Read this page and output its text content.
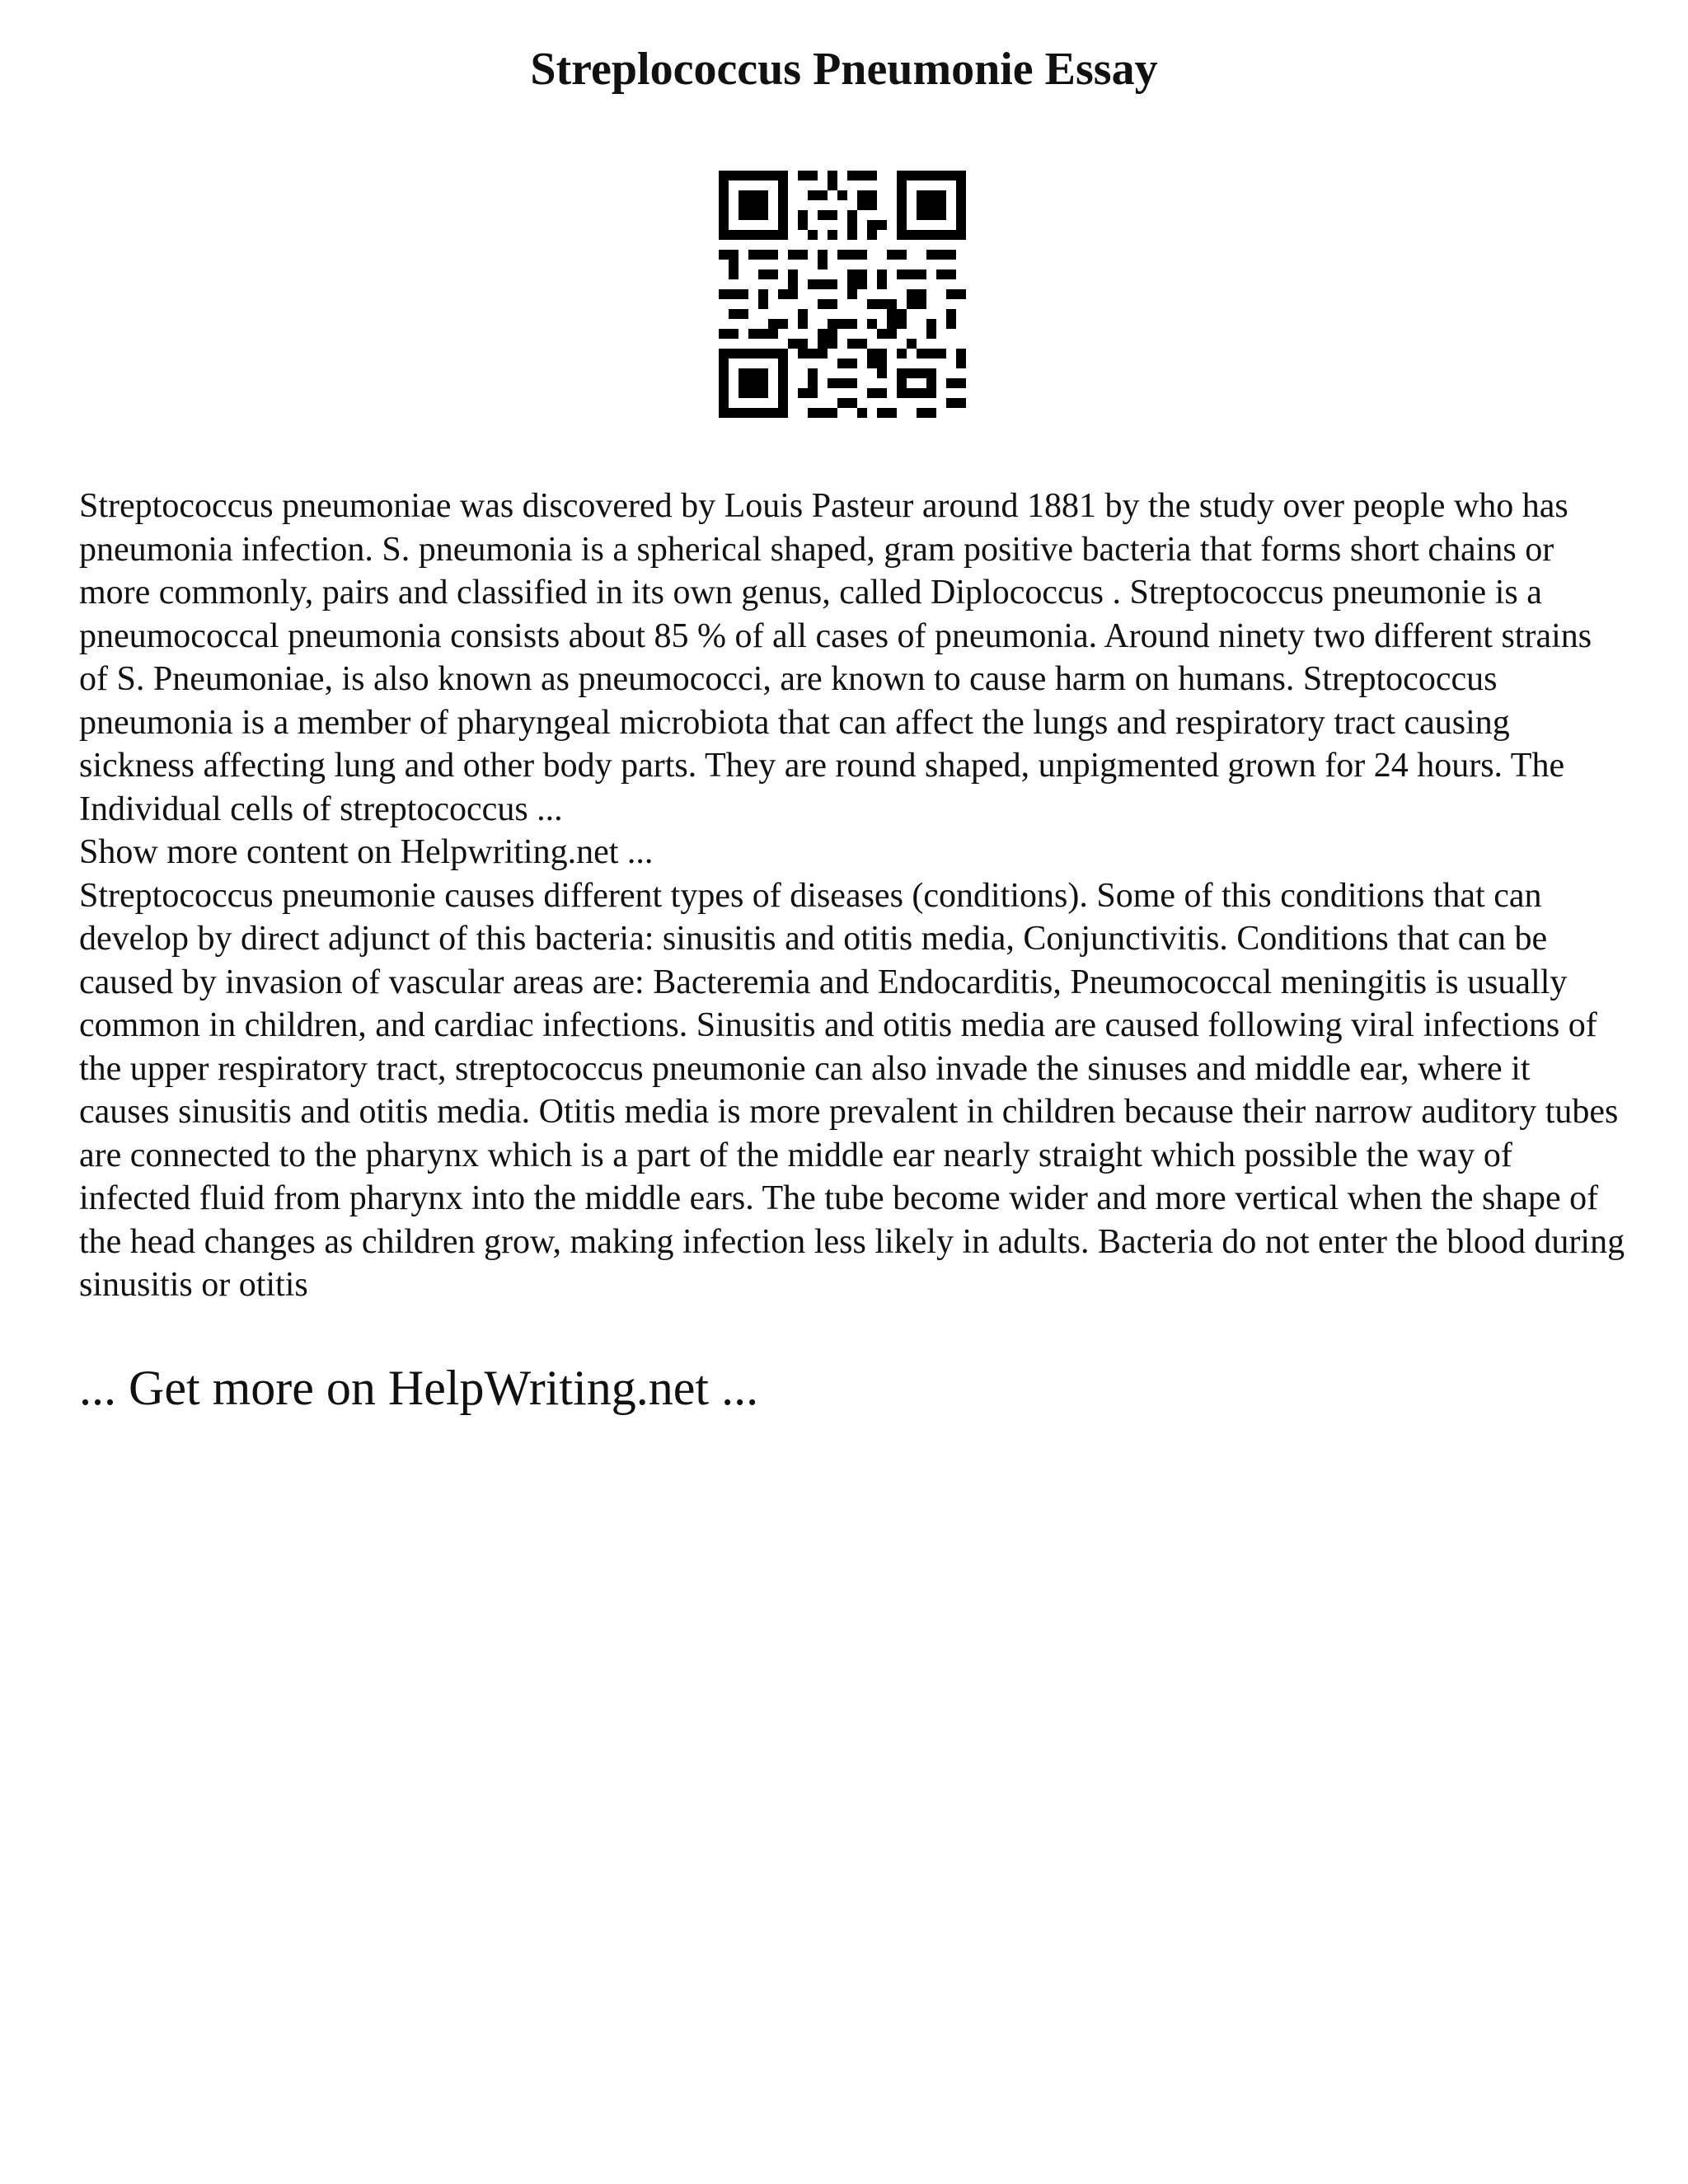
Streplococcus Pneumonie Essay

Streptococcus pneumoniae was discovered by Louis Pasteur around 1881 by the study over people who has pneumonia infection. S. pneumonia is a spherical shaped, gram positive bacteria that forms short chains or more commonly, pairs and classified in its own genus, called Diplococcus . Streptococcus pneumonie is a pneumococcal pneumonia consists about 85 % of all cases of pneumonia. Around ninety two different strains of S. Pneumoniae, is also known as pneumococci, are known to cause harm on humans. Streptococcus pneumonia is a member of pharyngeal microbiota that can affect the lungs and respiratory tract causing sickness affecting lung and other body parts. They are round shaped, unpigmented grown for 24 hours. The Individual cells of streptococcus ...

Show more content on Helpwriting.net ...

Streptococcus pneumonie causes different types of diseases (conditions). Some of this conditions that can develop by direct adjunct of this bacteria: sinusitis and otitis media, Conjunctivitis. Conditions that can be caused by invasion of vascular areas are: Bacteremia and Endocarditis, Pneumococcal meningitis is usually common in children, and cardiac infections. Sinusitis and otitis media are caused following viral infections of the upper respiratory tract, streptococcus pneumonie can also invade the sinuses and middle ear, where it causes sinusitis and otitis media. Otitis media is more prevalent in children because their narrow auditory tubes are connected to the pharynx which is a part of the middle ear nearly straight which possible the way of infected fluid from pharynx into the middle ears. The tube become wider and more vertical when the shape of the head changes as children grow, making infection less likely in adults. Bacteria do not enter the blood during sinusitis or otitis

... Get more on HelpWriting.net ...
